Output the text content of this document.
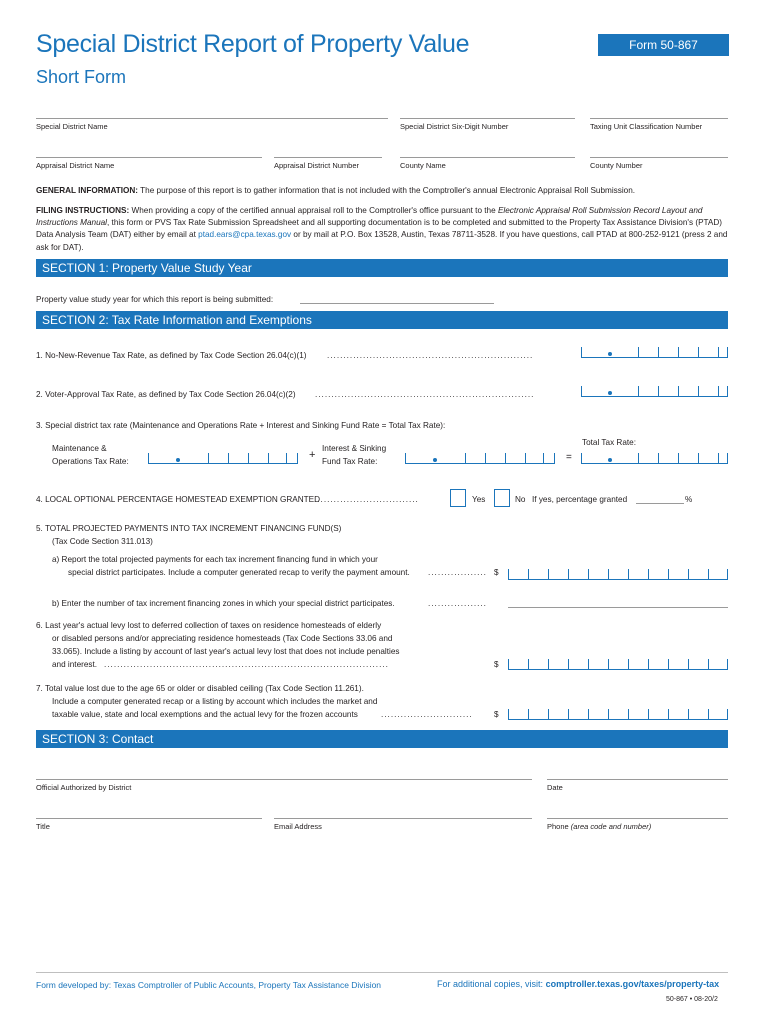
Special District Report of Property Value
Short Form
Form 50-867
Special District Name	Special District Six-Digit Number	Taxing Unit Classification Number
Appraisal District Name	Appraisal District Number	County Name	County Number
GENERAL INFORMATION: The purpose of this report is to gather information that is not included with the Comptroller's annual Electronic Appraisal Roll Submission.
FILING INSTRUCTIONS: When providing a copy of the certified annual appraisal roll to the Comptroller's office pursuant to the Electronic Appraisal Roll Submission Record Layout and Instructions Manual, this form or PVS Tax Rate Submission Spreadsheet and all supporting documentation is to be completed and submitted to the Property Tax Assistance Division's (PTAD) Data Analysis Team (DAT) either by email at ptad.ears@cpa.texas.gov or by mail at P.O. Box 13528, Austin, Texas 78711-3528. If you have questions, call PTAD at 800-252-9121 (press 2 and ask for DAT).
SECTION 1: Property Value Study Year
Property value study year for which this report is being submitted:
SECTION 2: Tax Rate Information and Exemptions
1. No-New-Revenue Tax Rate, as defined by Tax Code Section 26.04(c)(1)	...............................................................
2. Voter-Approval Tax Rate, as defined by Tax Code Section 26.04(c)(2) ...................................................................
3. Special district tax rate (Maintenance and Operations Rate + Interest and Sinking Fund Rate = Total Tax Rate):
Maintenance &
Operations Tax Rate:
+
Interest & Sinking
Fund Tax Rate:	=
Total Tax Rate:
4. LOCAL OPTIONAL PERCENTAGE HOMESTEAD EXEMPTION GRANTED
................................	Yes	No If yes, percentage granted	%
5. TOTAL PROJECTED PAYMENTS INTO TAX INCREMENT FINANCING FUND(S)
(Tax Code Section 311.013)
a) Report the total projected payments for each tax increment financing fund in which your
special district participates. Include a computer generated recap to verify the payment amount. .................. $
b) Enter the number of tax increment financing zones in which your special district participates.	..................
6. Last year's actual levy lost to deferred collection of taxes on residence homesteads of elderly
or disabled persons and/or appreciating residence homesteads (Tax Code Sections 33.06 and
33.065). Include a listing by account of last year's actual levy lost that does not include penalties
and interest. .......................................................................................	$
7. Total value lost due to the age 65 or older or disabled ceiling (Tax Code Section 11.261).
Include a computer generated recap or a listing by account which includes the market and
taxable value, state and local exemptions and the actual levy for the frozen accounts	............................	$
SECTION 3: Contact
Official Authorized by District	Date
Title	Email Address	Phone (area code and number)
Form developed by: Texas Comptroller of Public Accounts, Property Tax Assistance Division	For additional copies, visit: comptroller.texas.gov/taxes/property-tax
50-867 • 08-20/2
